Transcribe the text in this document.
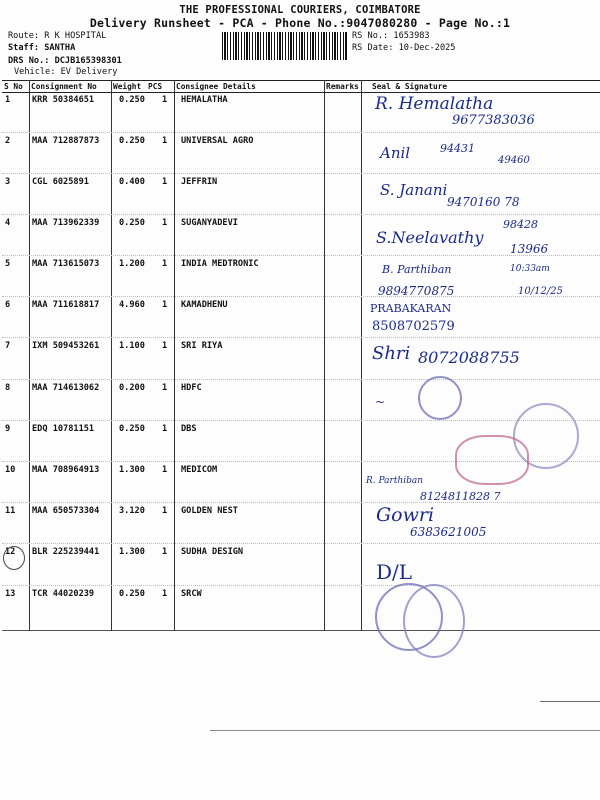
THE PROFESSIONAL COURIERS, COIMBATORE
Delivery Runsheet - PCA - Phone No.:9047080280 - Page No.:1
Route: R K HOSPITAL
Staff: SANTHA
DRS No.: DCJB165398301
Vehicle: EV Delivery
RS No.: 1653983
RS Date: 10-Dec-2025
S No Consignment No Weight PCS Consignee Details	Remarks Seal & Signature
1	KRR 50384651	0.250 1 HEMALATHA
2	MAA 712887873 0.250 1 UNIVERSAL AGRO
3	CGL 6025891	0.400 1 JEFFRIN
4	MAA 713962339 0.250 1 SUGANYADEVI
5	MAA 713615073 1.200 1 INDIA MEDTRONIC
6	MAA 711618817 4.960 1 KAMADHENU
7	IXM 509453261 1.100 1 SRI RIYA
8	MAA 714613062 0.200 1 HDFC
9	EDQ 10781151	0.250 1 DBS
10 MAA 708964913 1.300 1 MEDICOM
11 MAA 650573304 3.120 1 GOLDEN NEST
12 BLR 225239441 1.300 1 SUDHA DESIGN
13 TCR 44020239	0.250 1 SRCW
R. Hemalatha
9677383036
Anil	94431
49460
S. Janani
9470160 78
S.Neelavathy
98428
13966
B. Parthiban	10:33am
9894770875	10/12/25
PRABAKARAN
8508702579
Shri 8072088755
~
R. Parthiban
8124811828 7
Gowri
6383621005
D/L
